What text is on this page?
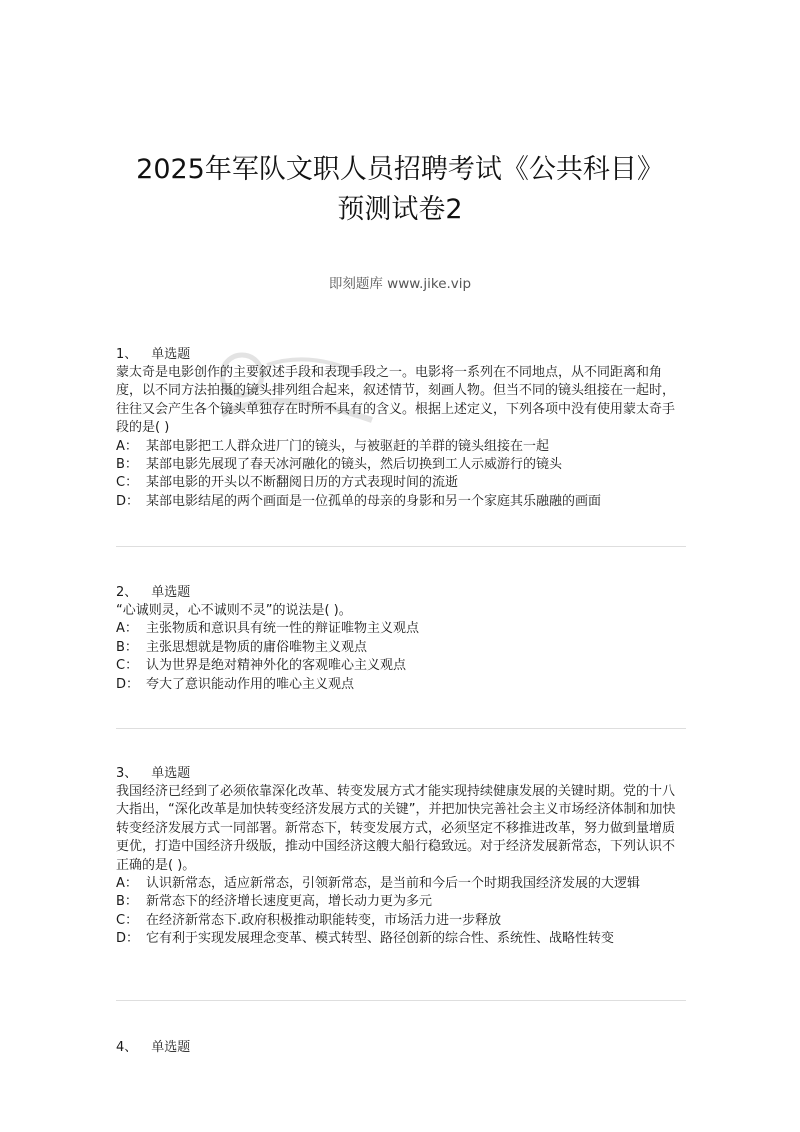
2025年军队文职人员招聘考试《公共科目》
预测试卷2
即刻题库 www.jike.vip
1、 单选题
蒙太奇是电影创作的主要叙述手段和表现手段之一。电影将一系列在不同地点，从不同距离和角度，以不同方法拍摄的镜头排列组合起来，叙述情节，刻画人物。但当不同的镜头组接在一起时，往往又会产生各个镜头单独存在时所不具有的含义。根据上述定义，下列各项中没有使用蒙太奇手段的是( )
A： 某部电影把工人群众进厂门的镜头，与被驱赶的羊群的镜头组接在一起
B： 某部电影先展现了春天冰河融化的镜头，然后切换到工人示威游行的镜头
C： 某部电影的开头以不断翻阅日历的方式表现时间的流逝
D： 某部电影结尾的两个画面是一位孤单的母亲的身影和另一个家庭其乐融融的画面
2、 单选题
“心诚则灵，心不诚则不灵”的说法是( )。
A： 主张物质和意识具有统一性的辩证唯物主义观点
B： 主张思想就是物质的庸俗唯物主义观点
C： 认为世界是绝对精神外化的客观唯心主义观点
D： 夸大了意识能动作用的唯心主义观点
3、 单选题
我国经济已经到了必须依靠深化改革、转变发展方式才能实现持续健康发展的关键时期。党的十八大指出，“深化改革是加快转变经济发展方式的关键”，并把加快完善社会主义市场经济体制和加快转变经济发展方式一同部署。新常态下，转变发展方式，必须坚定不移推进改革，努力做到量增质更优，打造中国经济升级版，推动中国经济这艘大船行稳致远。对于经济发展新常态，下列认识不正确的是( )。
A： 认识新常态，适应新常态，引领新常态，是当前和今后一个时期我国经济发展的大逻辑
B： 新常态下的经济增长速度更高，增长动力更为多元
C： 在经济新常态下.政府积极推动职能转变，市场活力进一步释放
D： 它有利于实现发展理念变革、模式转型、路径创新的综合性、系统性、战略性转变
4、 单选题
